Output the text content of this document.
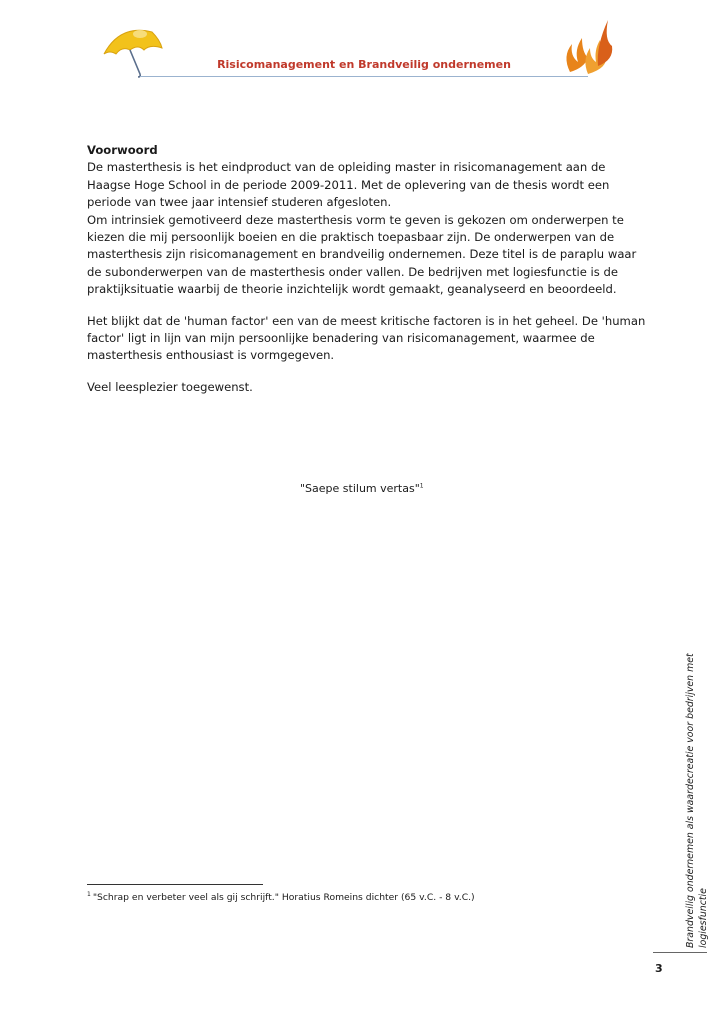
Risicomanagement en Brandveilig ondernemen

Voorwoord

De masterthesis is het eindproduct van de opleiding master in risicomanagement aan de Haagse Hoge School in de periode 2009-2011. Met de oplevering van de thesis wordt een periode van twee jaar intensief studeren afgesloten.

Om intrinsiek gemotiveerd deze masterthesis vorm te geven is gekozen om onderwerpen te kiezen die mij persoonlijk boeien en die praktisch toepasbaar zijn. De onderwerpen van de masterthesis zijn risicomanagement en brandveilig ondernemen. Deze titel is de paraplu waar de subonderwerpen van de masterthesis onder vallen. De bedrijven met logiesfunctie is de praktijksituatie waarbij de theorie inzichtelijk wordt gemaakt, geanalyseerd en beoordeeld.

Het blijkt dat de 'human factor' een van de meest kritische factoren is in het geheel. De 'human factor' ligt in lijn van mijn persoonlijke benadering van risicomanagement, waarmee de masterthesis enthousiast is vormgegeven.

Veel leesplezier toegewenst.

"Saepe stilum vertas"$^1$
$^1$ "Schrap en verbeter veel als gij schrijft." Horatius Romeins dichter (65 v.C. - 8 v.C.)	Brandveilig ondernemen als waardecreatie voor bedrijven met logiesfunctie
3
